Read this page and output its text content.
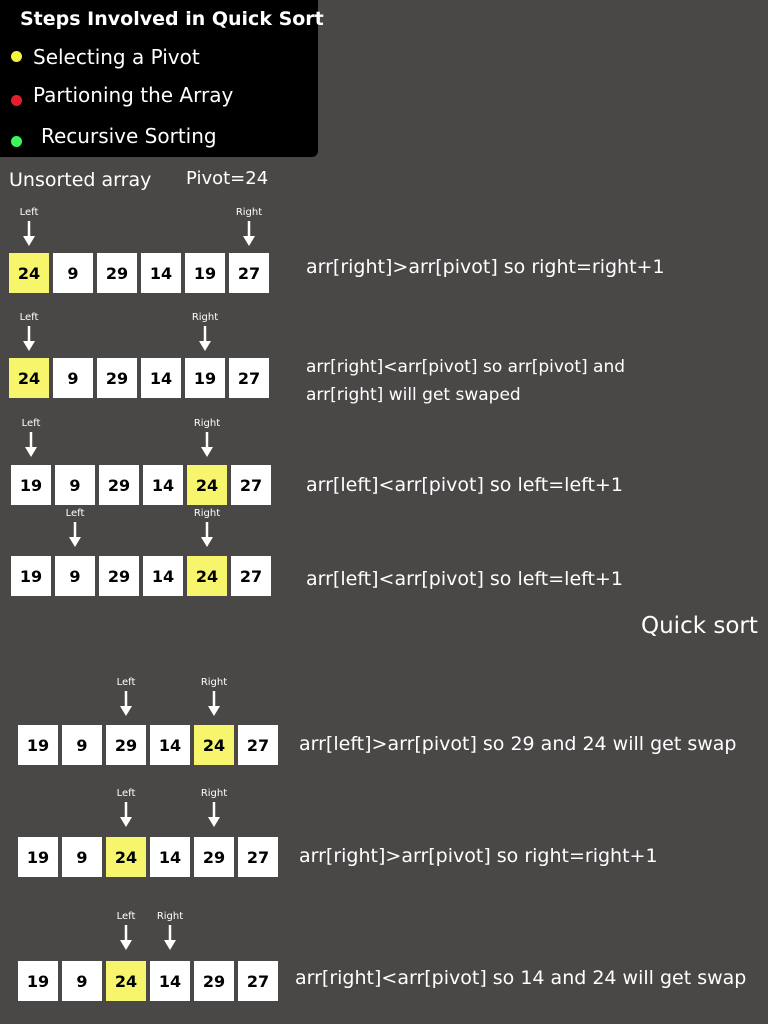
Steps Involved in Quick Sort
Selecting a Pivot
Partioning the Array
Recursive Sorting
Unsorted array Pivot=24
Quick sort
24	9	29	14	19	27
24	9	29	14	19	27
19	9	29	14	24	27
19	9	29	14	24	27
19	9	29	14	24	27
19	9	24	14	29	27
19	9	24	14	29	27
Left	Right
arr[right]>arr[pivot] so right=right+1
Left	Right
arr[right]<arr[pivot] so arr[pivot] and
arr[right] will get swaped
Left	Right
arr[left]<arr[pivot] so left=left+1
Left	Right
arr[left]<arr[pivot] so left=left+1
Left	Right
arr[left]>arr[pivot] so 29 and 24 will get swap
Left	Right
arr[right]>arr[pivot] so right=right+1
Left	Right
arr[right]<arr[pivot] so 14 and 24 will get swap
